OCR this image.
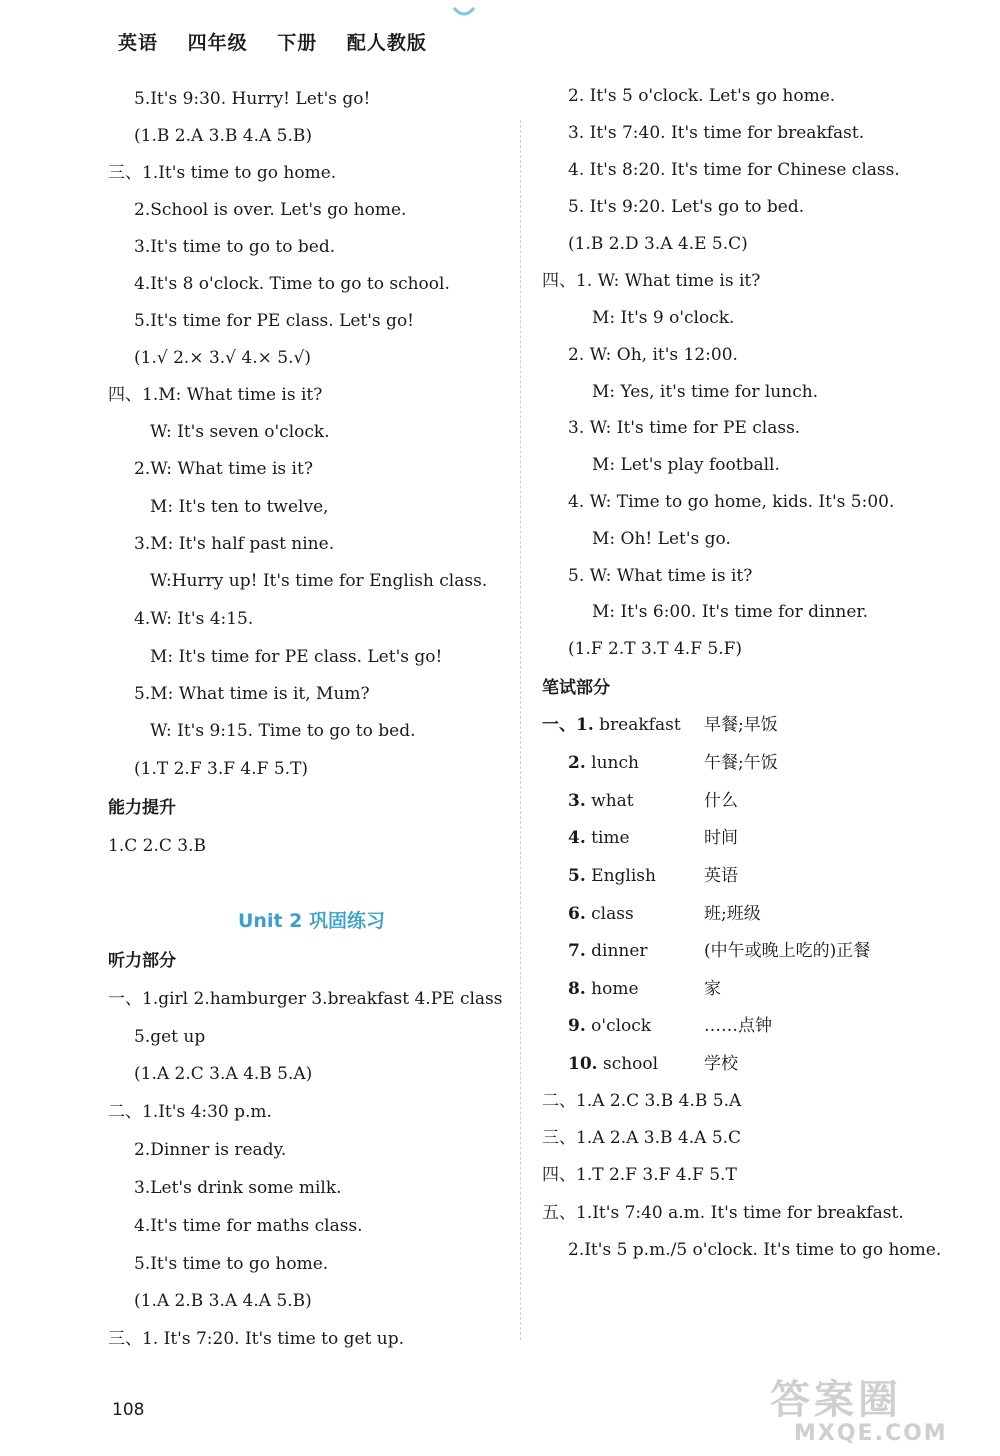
英语 四年级 下册 配人教版
5.It's 9:30. Hurry! Let's go!
(1.B 2.A 3.B 4.A 5.B)
三、1.It's time to go home.
2.School is over. Let's go home.
3.It's time to go to bed.
4.It's 8 o'clock. Time to go to school.
5.It's time for PE class. Let's go!
(1.√ 2.× 3.√ 4.× 5.√)
四、1.M: What time is it?
W: It's seven o'clock.
2.W: What time is it?
M: It's ten to twelve,
3.M: It's half past nine.
W:Hurry up! It's time for English class.
4.W: It's 4:15.
M: It's time for PE class. Let's go!
5.M: What time is it, Mum?
W: It's 9:15. Time to go to bed.
(1.T 2.F 3.F 4.F 5.T)
能力提升
1.C 2.C 3.B
Unit 2 巩固练习
听力部分
一、1.girl 2.hamburger 3.breakfast 4.PE class
5.get up
(1.A 2.C 3.A 4.B 5.A)
二、1.It's 4:30 p.m.
2.Dinner is ready.
3.Let's drink some milk.
4.It's time for maths class.
5.It's time to go home.
(1.A 2.B 3.A 4.A 5.B)
三、1. It's 7:20. It's time to get up.
2. It's 5 o'clock. Let's go home.
3. It's 7:40. It's time for breakfast.
4. It's 8:20. It's time for Chinese class.
5. It's 9:20. Let's go to bed.
(1.B 2.D 3.A 4.E 5.C)
四、1. W: What time is it?
M: It's 9 o'clock.
2. W: Oh, it's 12:00.
M: Yes, it's time for lunch.
3. W: It's time for PE class.
M: Let's play football.
4. W: Time to go home, kids. It's 5:00.
M: Oh! Let's go.
5. W: What time is it?
M: It's 6:00. It's time for dinner.
(1.F 2.T 3.T 4.F 5.F)
笔试部分
一、1. breakfast 早餐;早饭
2. lunch	午餐;午饭
3. what	什么
4. time	时间
5. English	英语
6. class	班;班级
7. dinner	(中午或晚上吃的)正餐
8. home	家
9. o'clock	……点钟
10. school	学校
二、1.A 2.C 3.B 4.B 5.A
三、1.A 2.A 3.B 4.A 5.C
四、1.T 2.F 3.F 4.F 5.T
五、1.It's 7:40 a.m. It's time for breakfast.
2.It's 5 p.m./5 o'clock. It's time to go home.
108	答案圈
MXQE.COM
